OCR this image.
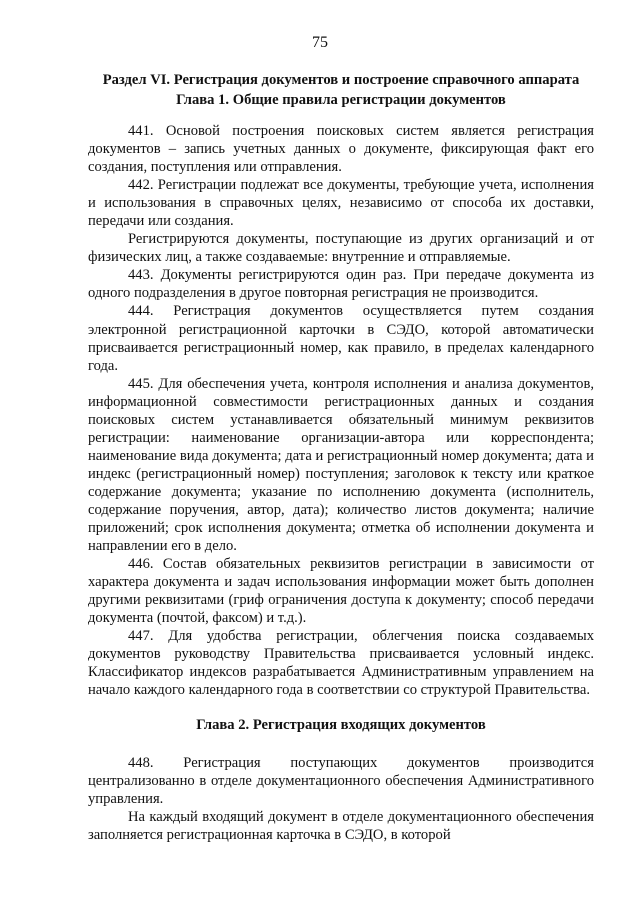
75
Раздел VI. Регистрация документов и построение справочного аппарата
Глава 1. Общие правила регистрации документов

441. Основой построения поисковых систем является регистрация документов – запись учетных данных о документе, фиксирующая факт его создания, поступления или отправления.

442. Регистрации подлежат все документы, требующие учета, исполнения и использования в справочных целях, независимо от способа их доставки, передачи или создания.

Регистрируются документы, поступающие из других организаций и от физических лиц, а также создаваемые: внутренние и отправляемые.

443. Документы регистрируются один раз. При передаче документа из одного подразделения в другое повторная регистрация не производится.

444. Регистрация документов осуществляется путем создания электронной регистрационной карточки в СЭДО, которой автоматически присваивается регистрационный номер, как правило, в пределах календарного года.

445. Для обеспечения учета, контроля исполнения и анализа документов, информационной совместимости регистрационных данных и создания поисковых систем устанавливается обязательный минимум реквизитов регистрации: наименование организации-автора или корреспондента; наименование вида документа; дата и регистрационный номер документа; дата и индекс (регистрационный номер) поступления; заголовок к тексту или краткое содержание документа; указание по исполнению документа (исполнитель, содержание поручения, автор, дата); количество листов документа; наличие приложений; срок исполнения документа; отметка об исполнении документа и направлении его в дело.

446. Состав обязательных реквизитов регистрации в зависимости от характера документа и задач использования информации может быть дополнен другими реквизитами (гриф ограничения доступа к документу; способ передачи документа (почтой, факсом) и т.д.).

447. Для удобства регистрации, облегчения поиска создаваемых документов руководству Правительства присваивается условный индекс. Классификатор индексов разрабатывается Административным управлением на начало каждого календарного года в соответствии со структурой Правительства.

Глава 2. Регистрация входящих документов

448. Регистрация поступающих документов производится централизованно в отделе документационного обеспечения Административного управления.

На каждый входящий документ в отделе документационного обеспечения заполняется регистрационная карточка в СЭДО, в которой
